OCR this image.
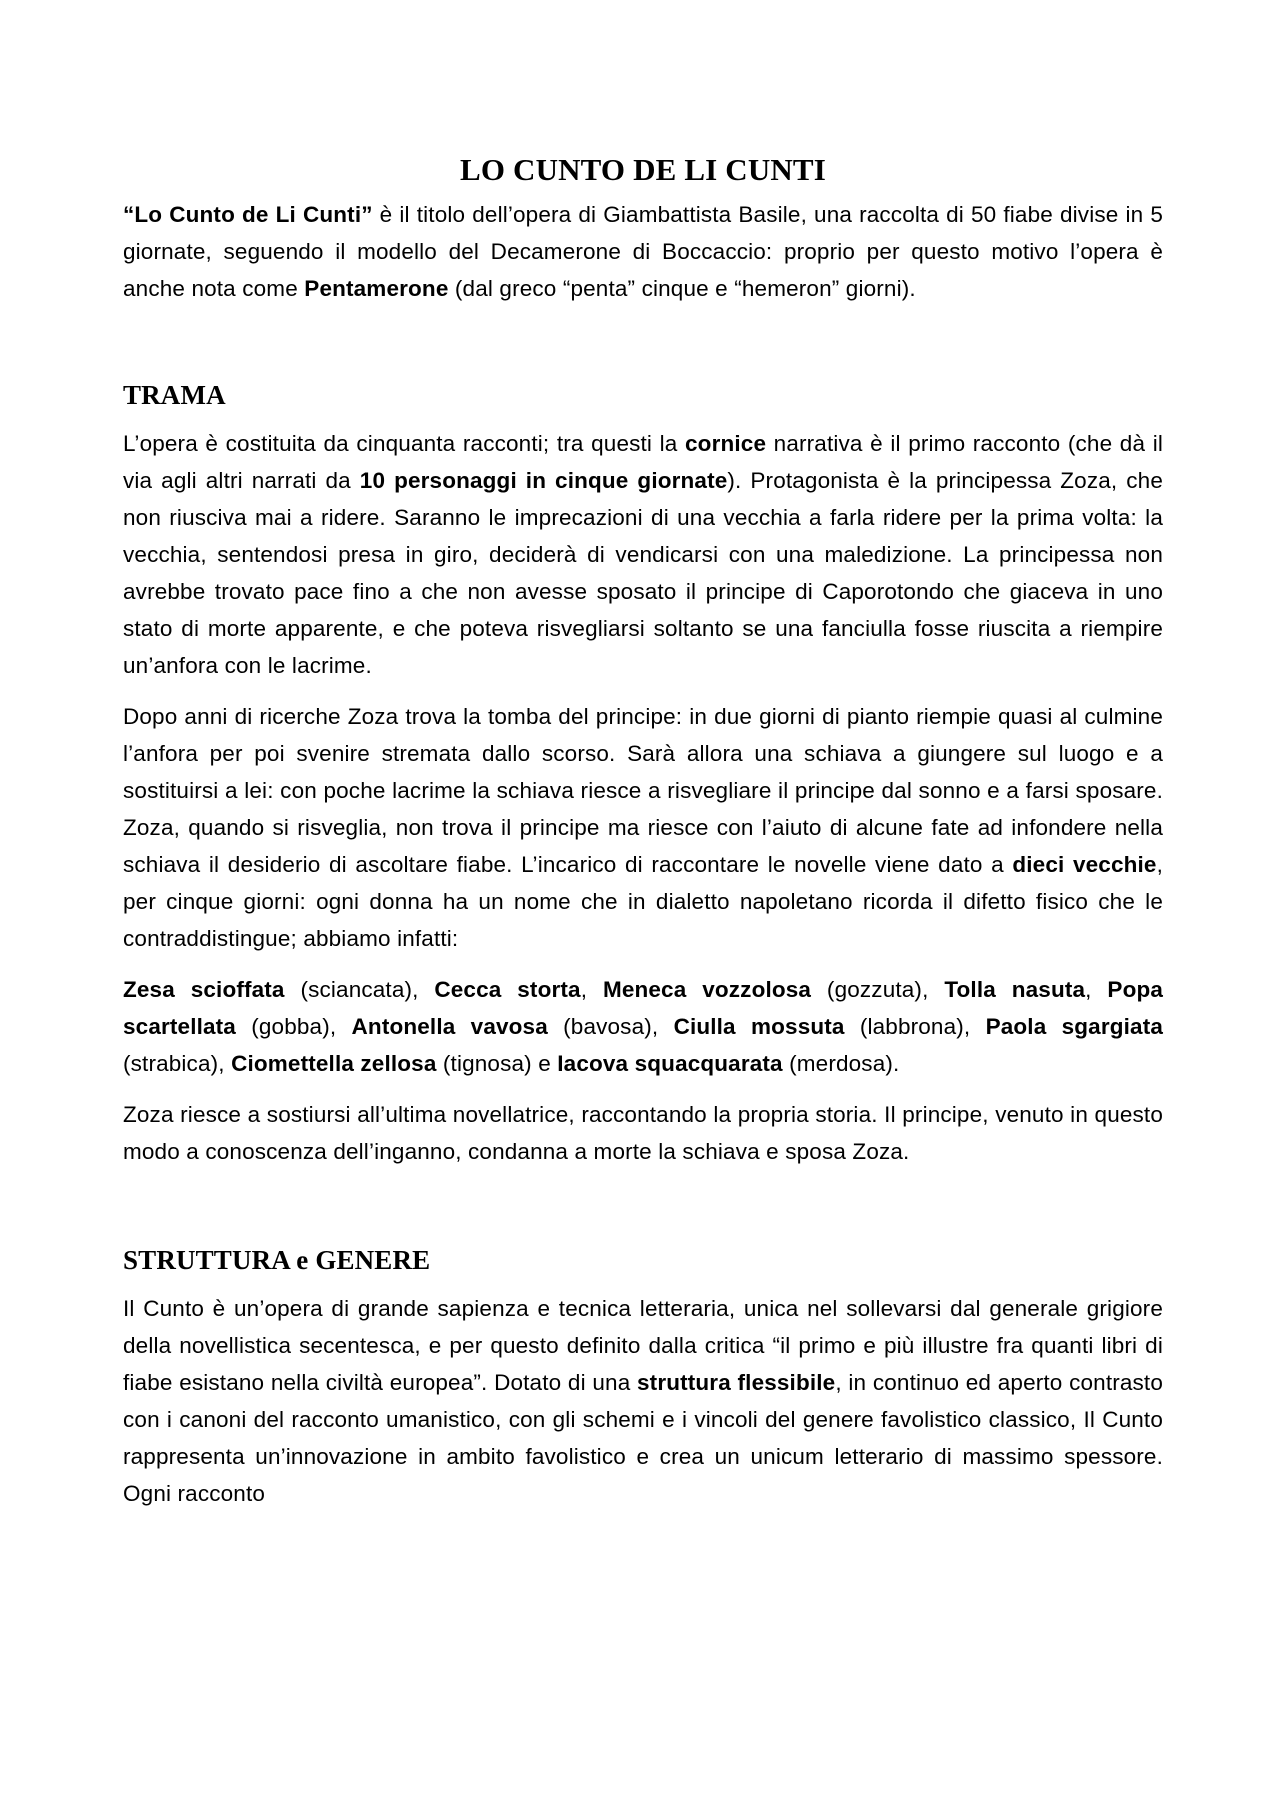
LO CUNTO DE LI CUNTI

“Lo Cunto de Li Cunti” è il titolo dell’opera di Giambattista Basile, una raccolta di 50 fiabe divise in 5 giornate, seguendo il modello del Decamerone di Boccaccio: proprio per questo motivo l’opera è anche nota come Pentamerone (dal greco “penta” cinque e “hemeron” giorni).

TRAMA

L’opera è costituita da cinquanta racconti; tra questi la cornice narrativa è il primo racconto (che dà il via agli altri narrati da 10 personaggi in cinque giornate). Protagonista è la principessa Zoza, che non riusciva mai a ridere. Saranno le imprecazioni di una vecchia a farla ridere per la prima volta: la vecchia, sentendosi presa in giro, deciderà di vendicarsi con una maledizione. La principessa non avrebbe trovato pace fino a che non avesse sposato il principe di Caporotondo che giaceva in uno stato di morte apparente, e che poteva risvegliarsi soltanto se una fanciulla fosse riuscita a riempire un’anfora con le lacrime.

Dopo anni di ricerche Zoza trova la tomba del principe: in due giorni di pianto riempie quasi al culmine l’anfora per poi svenire stremata dallo scorso. Sarà allora una schiava a giungere sul luogo e a sostituirsi a lei: con poche lacrime la schiava riesce a risvegliare il principe dal sonno e a farsi sposare. Zoza, quando si risveglia, non trova il principe ma riesce con l’aiuto di alcune fate ad infondere nella schiava il desiderio di ascoltare fiabe. L’incarico di raccontare le novelle viene dato a dieci vecchie, per cinque giorni: ogni donna ha un nome che in dialetto napoletano ricorda il difetto fisico che le contraddistingue; abbiamo infatti:

Zesa scioffata (sciancata), Cecca storta, Meneca vozzolosa (gozzuta), Tolla nasuta, Popa scartellata (gobba), Antonella vavosa (bavosa), Ciulla mossuta (labbrona), Paola sgargiata (strabica), Ciomettella zellosa (tignosa) e Iacova squacquarata (merdosa).

Zoza riesce a sostiursi all’ultima novellatrice, raccontando la propria storia. Il principe, venuto in questo modo a conoscenza dell’inganno, condanna a morte la schiava e sposa Zoza.

STRUTTURA e GENERE

Il Cunto è un’opera di grande sapienza e tecnica letteraria, unica nel sollevarsi dal generale grigiore della novellistica secentesca, e per questo definito dalla critica “il primo e più illustre fra quanti libri di fiabe esistano nella civiltà europea”. Dotato di una struttura flessibile, in continuo ed aperto contrasto con i canoni del racconto umanistico, con gli schemi e i vincoli del genere favolistico classico, Il Cunto rappresenta un’innovazione in ambito favolistico e crea un unicum letterario di massimo spessore. Ogni racconto
